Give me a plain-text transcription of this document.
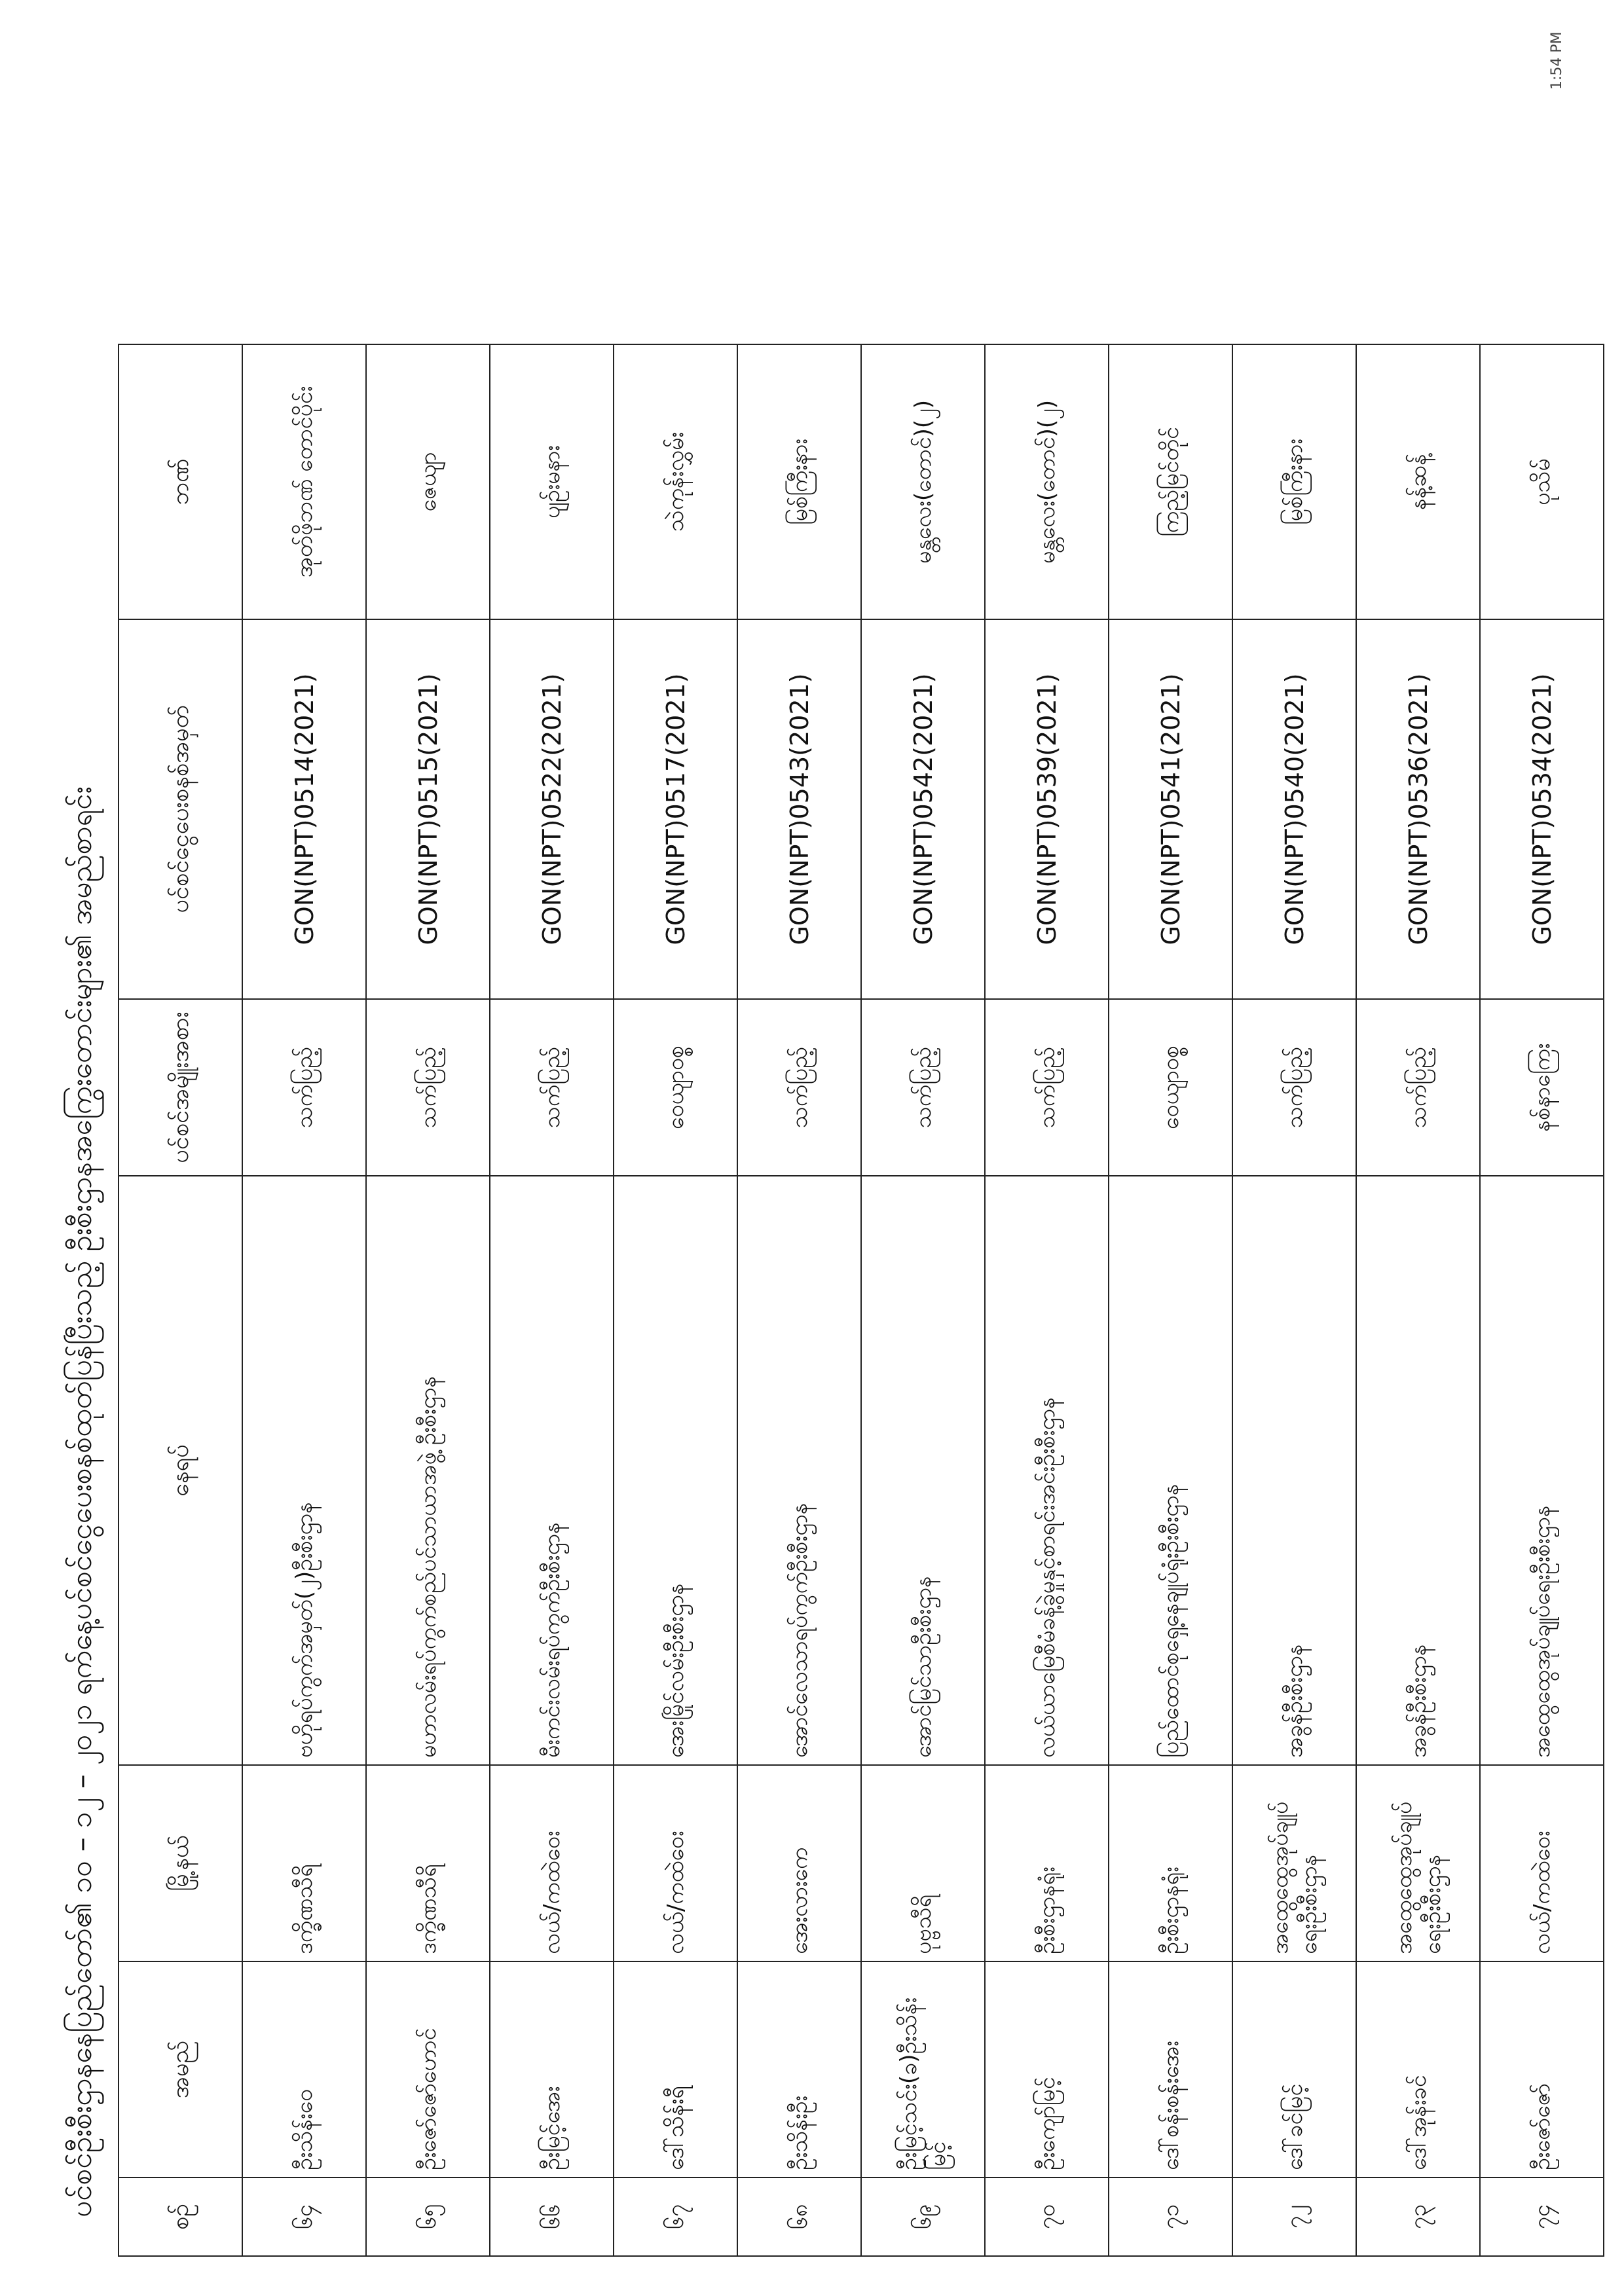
ပင်စင်ဦးစီးဌာနနေပြည်တော်၏ ၁၀ – ၁၂ – ၂၀၂၁ ရက်နေ့ပင်စင်ငွေပေးစနစ်ထုတ်ပြန်ပြီးသည့် ဦးစီးဌာနအကြွေးတောင်းများ၏ အမည်စာရင်း	စဥ်	အမည်	မြို့နယ်	နေရပ်	ပင်စင်အမျိုးအစား	ပင်စင်ငွေပေးစနစ်အမှတ်	ဘဏ်
၆၄	ဦးသိန်းဝေ	ဒက္ခိဏသီရိ	ဗဟိုရပ်ကွက်အမှတ်(၂)ဦးစီးဌာန	သက်ပြည့်	GON(NPT)0514(2021)	အုတ်ဖိုဘဏ် တောင်ပိုင်း
၆၅	ဦးဇော်ဇော်ဟောင်	ဒက္ခိဏသီရိ	မဟာလမ်းရပ်ကွက်စည်ပင်သာယာအဖွဲ့ ဦးစီးဌာန	သက်ပြည့်	GON(NPT)0515(2021)	ဇေယျာ
၆၆	ဦးမြင့်အေး	လယ်/ကထဲဝေး	မီးကင်းလမ်းရပ်ကွက်ဦးစီးဌာန	သက်ပြည့်	GON(NPT)0522(2021)	ပျဉ်းမနား
၆၇	ဒေါ်သိန်းရီ	လယ်/ကထဲဝေး	အေးမြိုင်လမ်းဦးစီးဌာန	ဝေယျာဝစ္စ	GON(NPT)0517(2021)	သဲကုန်းလွှမ်း
၆၈	ဦးသိန်းဦး	အေးလားကေ	အောင်လေသာရပ်ကွက်ဦးစီးဌာန	သက်ပြည့်	GON(NPT)0543(2021)	မြစ်ကြီးနား
၆၉	ဦးမြင့်သင်း(ခ)ဦးသိန်းမြင့်	ပုဗ္ဗသီရိ	အောင်မြင်သာဦးစီးဌာန	သက်ပြည့်	GON(NPT)0542(2021)	မန္တလေး(တောင်)(၂)
၇၀	ဦးကျော်မြင့်	ဦးစီးဌာနရုံး	လယ်ယာမြေစီမံခန့်ခွဲမှုနှင့်စာရင်းအင်းဦးစီးဌာန	သက်ပြည့်	GON(NPT)0539(2021)	မန္တလေး(တောင်)(၂)
၇၁	ဒေါ်စန်းစန်းအေး	ဦးစီးဌာနရုံး	ပြည်ထောင်စုရှေ့နေချုပ်ရုံးဦးစီးဌာန	ဝေယျာဝစ္စ	GON(NPT)0541(2021)	ကြည့်မြင်တိုင်
၇၂	ဒေါ်ခင်မြင့်	အထွေထွေအုပ်ချုပ်ရေးဦးစီးဌာန	အခွန်ဦးစီးဌာန	သက်ပြည့်	GON(NPT)0540(2021)	မြစ်ကြီးနား
၇၃	ဒေါ်အုန်းခင်	အထွေထွေအုပ်ချုပ်ရေးဦးစီးဌာန	အခွန်ဦးစီးဌာန	သက်ပြည့်	GON(NPT)0536(2021)	နန့်ဆန့်
၇၄	ဦးဇော်ဇော်	လယ်/ကထဲဝေး	အထွေထွေအုပ်ချုပ်ရေးဦးစီးဌာန	နစ်နာကြေး	GON(NPT)0534(2021)	ပုသိမ်
1:54 PM
